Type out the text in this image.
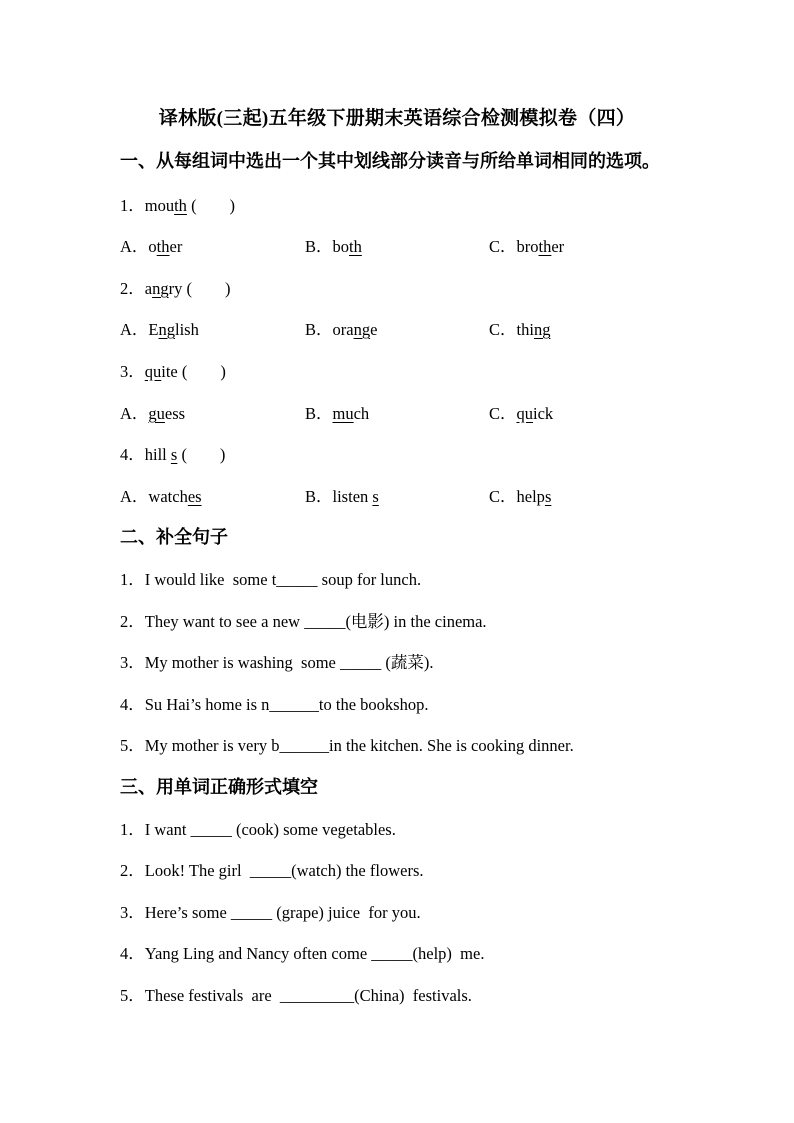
译林版(三起)五年级下册期末英语综合检测模拟卷（四）
一、从每组词中选出一个其中划线部分读音与所给单词相同的选项。
1．mouth (　　)
A．other	B．both	C．brother
2．angry (　　)
A．English	B．orange	C．thing
3．quite (　　)
A．guess	B．much	C．quick
4．hill s (　　)
A．watches	B．listen s	C．helps
二、补全句子
1．I would like  some t_____ soup for lunch.
2．They want to see a new _____(电影) in the cinema.
3．My mother is washing  some _____ (蔬菜).
4．Su Hai’s home is n______to the bookshop.
5．My mother is very b______in the kitchen. She is cooking dinner.
三、用单词正确形式填空
1．I want _____ (cook) some vegetables.
2．Look! The girl  _____(watch) the flowers.
3．Here’s some _____ (grape) juice  for you.
4．Yang Ling and Nancy often come _____(help)  me.
5．These festivals  are  _________(China)  festivals.
